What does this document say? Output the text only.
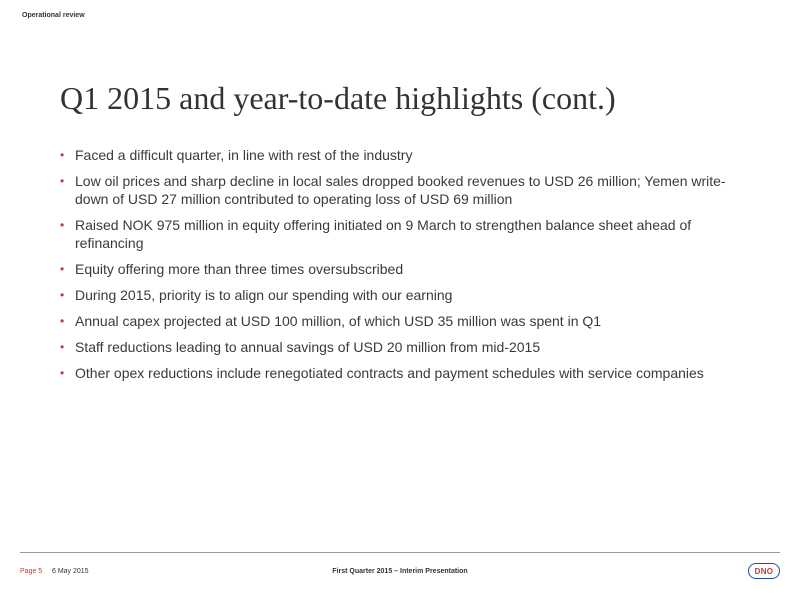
Operational review
Q1 2015 and year-to-date highlights (cont.)
• Faced a difficult quarter, in line with rest of the industry
• Low oil prices and sharp decline in local sales dropped booked revenues to USD 26 million; Yemen write-down of USD 27 million contributed to operating loss of USD 69 million
• Raised NOK 975 million in equity offering initiated on 9 March to strengthen balance sheet ahead of refinancing
• Equity offering more than three times oversubscribed
• During 2015, priority is to align our spending with our earning
• Annual capex projected at USD 100 million, of which USD 35 million was spent in Q1
• Staff reductions leading to annual savings of USD 20 million from mid-2015
• Other opex reductions include renegotiated contracts and payment schedules with service companies
Page 5 6 May 2015	First Quarter 2015 – Interim Presentation	DNO
